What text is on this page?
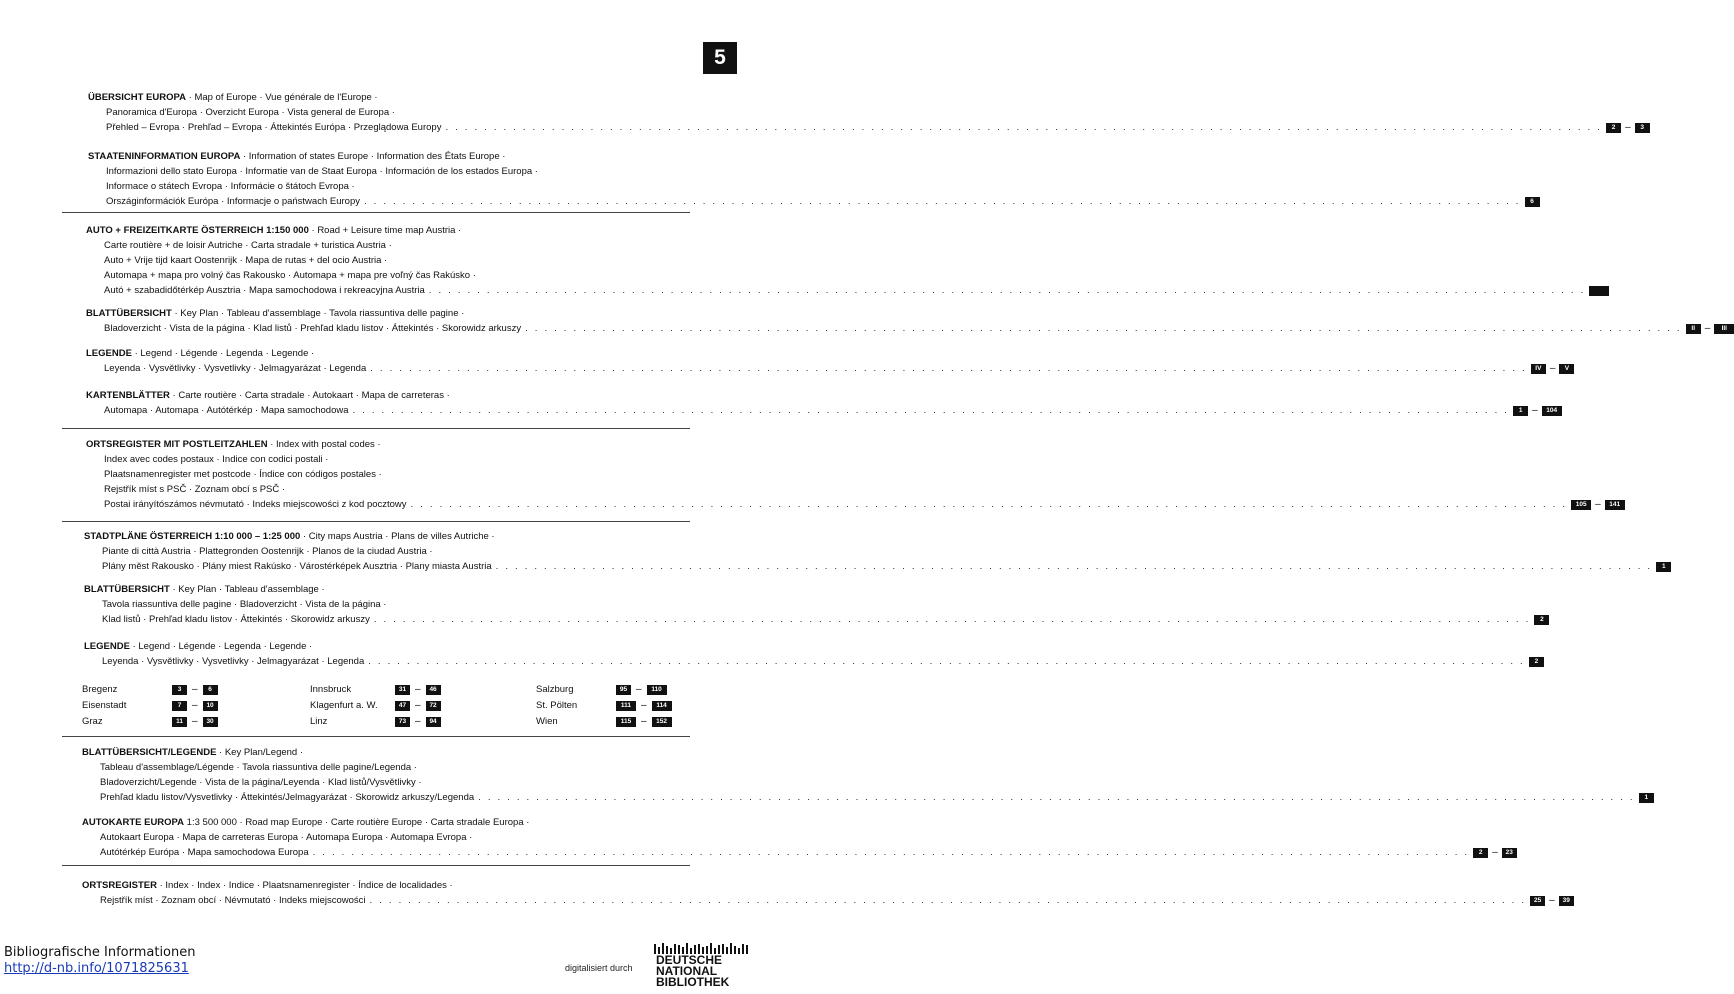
5
ÜBERSICHT EUROPA · Map of Europe · Vue générale de l'Europe ·
Panoramica d'Europa · Overzicht Europa · Vista general de Europa ·
Přehled – Evropa · Prehľad – Evropa · Áttekintés Európa · Przeglądowa Europy . . . . . . . . . . . . . . . . . . . . . . . . . . . . . . . . . . . . . . . . . . . . . . . . . . . . . . . . . . . . . . . . . . . . . . . . . . . . . . . . . . . . . . . . . . . . . . . . . . . . . . . . . . . . . . . . . . . . . . . .	2 –	3
STAATENINFORMATION EUROPA · Information of states Europe · Information des États Europe ·
Informazioni dello stato Europa · Informatie van de Staat Europa · Información de los estados Europa ·
Informace o státech Evropa · Informácie o štátoch Evropa ·
Országinformációk Európa · Informacje o państwach Europy . . . . . . . . . . . . . . . . . . . . . . . . . . . . . . . . . . . . . . . . . . . . . . . . . . . . . . . . . . . . . . . . . . . . . . . . . . . . . . . . . . . . . . . . . . . . . . . . . . . . . . . . . . . . . . . . . . . . . . . .	6
AUTO + FREIZEITKARTE ÖSTERREICH 1:150 000 · Road + Leisure time map Austria ·
Carte routière + de loisir Autriche · Carta stradale + turistica Austria ·
Auto + Vrije tijd kaart Oostenrijk · Mapa de rutas + del ocio Austria ·
Automapa + mapa pro volný čas Rakousko · Automapa + mapa pre voľný čas Rakúsko ·
Autó + szabadidőtérkép Ausztria · Mapa samochodowa i rekreacyjna Austria . . . . . . . . . . . . . . . . . . . . . . . . . . . . . . . . . . . . . . . . . . . . . . . . . . . . . . . . . . . . . . . . . . . . . . . . . . . . . . . . . . . . . . . . . . . . . . . . . . . . . . . . . . . . . . . . . . . . . . . .
BLATTÜBERSICHT · Key Plan · Tableau d'assemblage · Tavola riassuntiva delle pagine ·
Bladoverzicht · Vista de la página · Klad listů · Prehľad kladu listov · Áttekintés · Skorowidz arkuszy . . . . . . . . . . . . . . . . . . . . . . . . . . . . . . . . . . . . . . . . . . . . . . . . . . . . . . . . . . . . . . . . . . . . . . . . . . . . . . . . . . . . . . . . . . . . . . . . . . . . . . . . . . . . . . . . . . . . . . . .	II –	III
LEGENDE · Legend · Légende · Legenda · Legende ·
Leyenda · Vysvětlivky · Vysvetlivky · Jelmagyarázat · Legenda . . . . . . . . . . . . . . . . . . . . . . . . . . . . . . . . . . . . . . . . . . . . . . . . . . . . . . . . . . . . . . . . . . . . . . . . . . . . . . . . . . . . . . . . . . . . . . . . . . . . . . . . . . . . . . . . . . . . . . . .	IV –	V
KARTENBLÄTTER · Carte routière · Carta stradale · Autokaart · Mapa de carreteras ·
Automapa · Automapa · Autótérkép · Mapa samochodowa . . . . . . . . . . . . . . . . . . . . . . . . . . . . . . . . . . . . . . . . . . . . . . . . . . . . . . . . . . . . . . . . . . . . . . . . . . . . . . . . . . . . . . . . . . . . . . . . . . . . . . . . . . . . . . . . . . . . . . . .	1 –	104
ORTSREGISTER MIT POSTLEITZAHLEN · Index with postal codes ·
Index avec codes postaux · Indice con codici postali ·
Plaatsnamenregister met postcode · Índice con códigos postales ·
Rejstřík míst s PSČ · Zoznam obcí s PSČ ·
Postai irányítószámos névmutató · Indeks miejscowości z kod pocztowy . . . . . . . . . . . . . . . . . . . . . . . . . . . . . . . . . . . . . . . . . . . . . . . . . . . . . . . . . . . . . . . . . . . . . . . . . . . . . . . . . . . . . . . . . . . . . . . . . . . . . . . . . . . . . . . . . . . . . . . .	105 –	141
STADTPLÄNE ÖSTERREICH 1:10 000 – 1:25 000 · City maps Austria · Plans de villes Autriche ·
Piante di città Austria · Plattegronden Oostenrijk · Planos de la ciudad Austria ·
Plány měst Rakousko · Plány miest Rakúsko · Várostérképek Ausztria · Plany miasta Austria . . . . . . . . . . . . . . . . . . . . . . . . . . . . . . . . . . . . . . . . . . . . . . . . . . . . . . . . . . . . . . . . . . . . . . . . . . . . . . . . . . . . . . . . . . . . . . . . . . . . . . . . . . . . . . . . . . . . . . . .	1
BLATTÜBERSICHT · Key Plan · Tableau d'assemblage ·
Tavola riassuntiva delle pagine · Bladoverzicht · Vista de la página ·
Klad listů · Prehľad kladu listov · Áttekintés · Skorowidz arkuszy . . . . . . . . . . . . . . . . . . . . . . . . . . . . . . . . . . . . . . . . . . . . . . . . . . . . . . . . . . . . . . . . . . . . . . . . . . . . . . . . . . . . . . . . . . . . . . . . . . . . . . . . . . . . . . . . . . . . . . . .	2
LEGENDE · Legend · Légende · Legenda · Legende ·
Leyenda · Vysvětlivky · Vysvetlivky · Jelmagyarázat · Legenda . . . . . . . . . . . . . . . . . . . . . . . . . . . . . . . . . . . . . . . . . . . . . . . . . . . . . . . . . . . . . . . . . . . . . . . . . . . . . . . . . . . . . . . . . . . . . . . . . . . . . . . . . . . . . . . . . . . . . . . .	2
BLATTÜBERSICHT/LEGENDE · Key Plan/Legend ·
Tableau d'assemblage/Légende · Tavola riassuntiva delle pagine/Legenda ·
Bladoverzicht/Legende · Vista de la página/Leyenda · Klad listů/Vysvětlivky ·
Prehľad kladu listov/Vysvetlivky · Áttekintés/Jelmagyarázat · Skorowidz arkuszy/Legenda . . . . . . . . . . . . . . . . . . . . . . . . . . . . . . . . . . . . . . . . . . . . . . . . . . . . . . . . . . . . . . . . . . . . . . . . . . . . . . . . . . . . . . . . . . . . . . . . . . . . . . . . . . . . . . . . . . . . . . . .	1
AUTOKARTE EUROPA 1:3 500 000 · Road map Europe · Carte routière Europe · Carta stradale Europa ·
Autokaart Europa · Mapa de carreteras Europa · Automapa Europa · Automapa Evropa ·
Autótérkép Európa · Mapa samochodowa Europa . . . . . . . . . . . . . . . . . . . . . . . . . . . . . . . . . . . . . . . . . . . . . . . . . . . . . . . . . . . . . . . . . . . . . . . . . . . . . . . . . . . . . . . . . . . . . . . . . . . . . . . . . . . . . . . . . . . . . . . .	2 –	23
ORTSREGISTER · Index · Index · Indice · Plaatsnamenregister · Índice de localidades ·
Rejstřík míst · Zoznam obcí · Névmutató · Indeks miejscowości . . . . . . . . . . . . . . . . . . . . . . . . . . . . . . . . . . . . . . . . . . . . . . . . . . . . . . . . . . . . . . . . . . . . . . . . . . . . . . . . . . . . . . . . . . . . . . . . . . . . . . . . . . . . . . . . . . . . . . . .	25 –	39
Bregenz	3	–	6
Eisenstadt	7	–	10
Graz	11 –	30
Innsbruck	31 –	46
Klagenfurt a. W.	47 –	72
Linz	73 –	94
Salzburg	95 –	110
St. Pölten	111 –	114
Wien	115 –	152
Bibliografische Informationen
http://d-nb.info/1071825631	digitalisiert durch
DEUTSCHE
NATIONAL
BIBLIOTHEK
